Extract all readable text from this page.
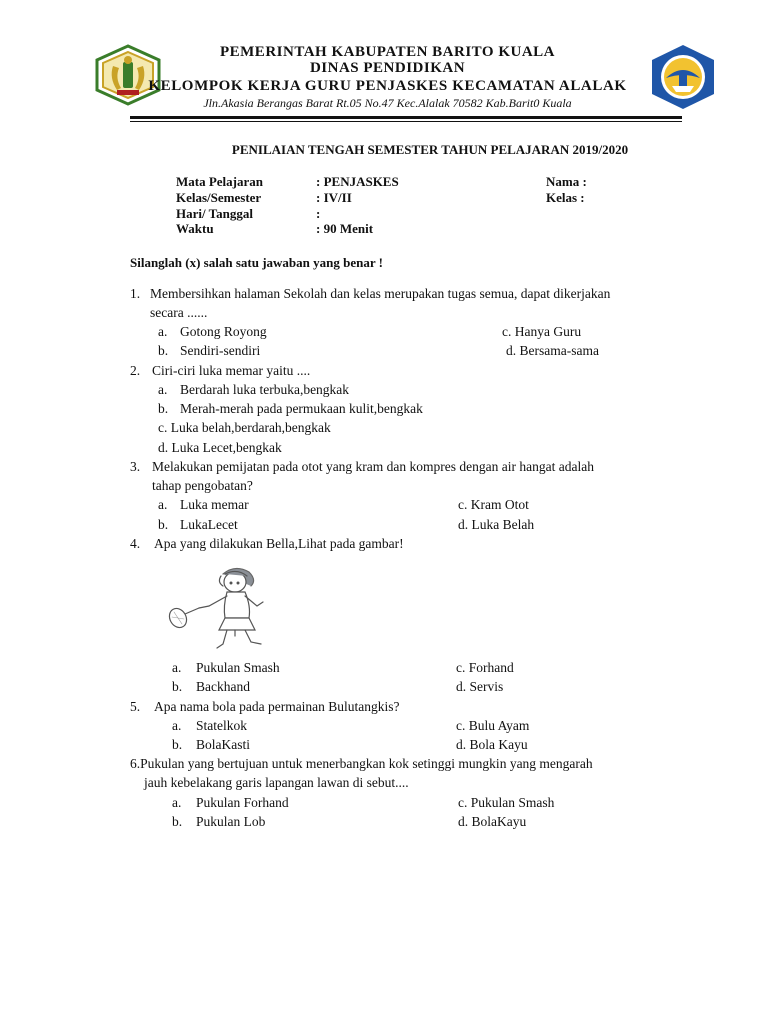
PEMERINTAH KABUPATEN BARITO KUALA
DINAS PENDIDIKAN
KELOMPOK KERJA GURU PENJASKES KECAMATAN ALALAK
Jln.Akasia Berangas Barat Rt.05 No.47 Kec.Alalak 70582 Kab.Barit0 Kuala
PENILAIAN TENGAH SEMESTER TAHUN PELAJARAN 2019/2020
Mata Pelajaran	: PENJASKES	Nama :
Kelas/Semester	: IV/II	Kelas :
Hari/ Tanggal	:
Waktu	: 90 Menit
Silanglah (x) salah satu jawaban yang benar !
1. Membersihkan halaman Sekolah dan kelas merupakan tugas semua, dapat dikerjakan
secara ......
a. Gotong Royong	c. Hanya Guru
b. Sendiri-sendiri	d. Bersama-sama
2. Ciri-ciri luka memar yaitu ....
a. Berdarah luka terbuka,bengkak
b. Merah-merah pada permukaan kulit,bengkak
c. Luka belah,berdarah,bengkak
d. Luka Lecet,bengkak
3. Melakukan pemijatan pada otot yang kram dan kompres dengan air hangat adalah
tahap pengobatan?
a. Luka memar	c. Kram Otot
b. LukaLecet	d. Luka Belah
4. Apa yang dilakukan Bella,Lihat pada gambar!
a. Pukulan Smash	c. Forhand
b. Backhand	d. Servis
5. Apa nama bola pada permainan Bulutangkis?
a. Statelkok	c. Bulu Ayam
b. BolaKasti	d. Bola Kayu
6.Pukulan yang bertujuan untuk menerbangkan kok setinggi mungkin yang mengarah
jauh kebelakang garis lapangan lawan di sebut....
a. Pukulan Forhand	c. Pukulan Smash
b. Pukulan Lob	d. BolaKayu
